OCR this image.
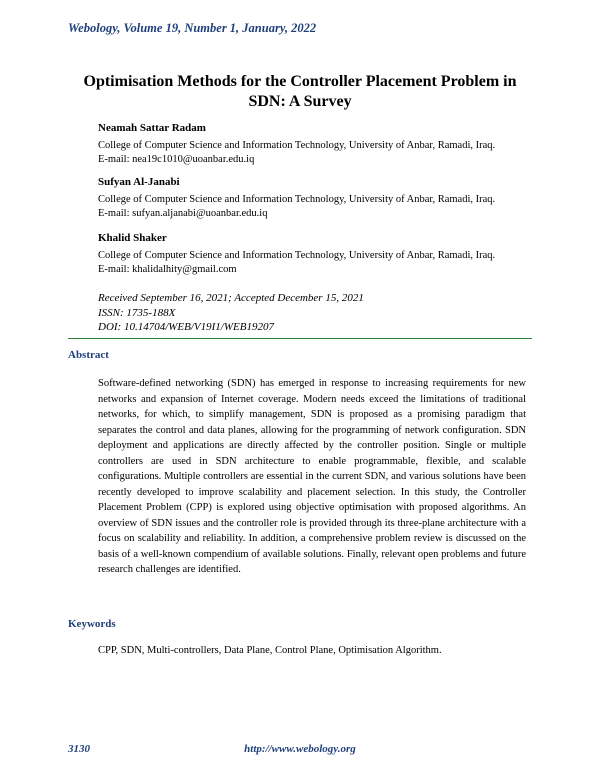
Webology, Volume 19, Number 1, January, 2022
Optimisation Methods for the Controller Placement Problem in
SDN: A Survey
Neamah Sattar Radam
College of Computer Science and Information Technology, University of Anbar, Ramadi, Iraq.
E-mail: nea19c1010@uoanbar.edu.iq
Sufyan Al-Janabi
College of Computer Science and Information Technology, University of Anbar, Ramadi, Iraq.
E-mail: sufyan.aljanabi@uoanbar.edu.iq
Khalid Shaker
College of Computer Science and Information Technology, University of Anbar, Ramadi, Iraq.
E-mail: khalidalhity@gmail.com
Received September 16, 2021; Accepted December 15, 2021
ISSN: 1735-188X
DOI: 10.14704/WEB/V19I1/WEB19207
Abstract
Software-defined networking (SDN) has emerged in response to increasing requirements for new networks and expansion of Internet coverage. Modern needs exceed the limitations of traditional networks, for which, to simplify management, SDN is proposed as a promising paradigm that separates the control and data planes, allowing for the programming of network configuration. SDN deployment and applications are directly affected by the controller position. Single or multiple controllers are used in SDN architecture to enable programmable, flexible, and scalable configurations. Multiple controllers are essential in the current SDN, and various solutions have been recently developed to improve scalability and placement selection. In this study, the Controller Placement Problem (CPP) is explored using objective optimisation with proposed algorithms. An overview of SDN issues and the controller role is provided through its three-plane architecture with a focus on scalability and reliability. In addition, a comprehensive problem review is discussed on the basis of a well-known compendium of available solutions. Finally, relevant open problems and future research challenges are identified.
Keywords
CPP, SDN, Multi-controllers, Data Plane, Control Plane, Optimisation Algorithm.
http://www.webology.org
3130
